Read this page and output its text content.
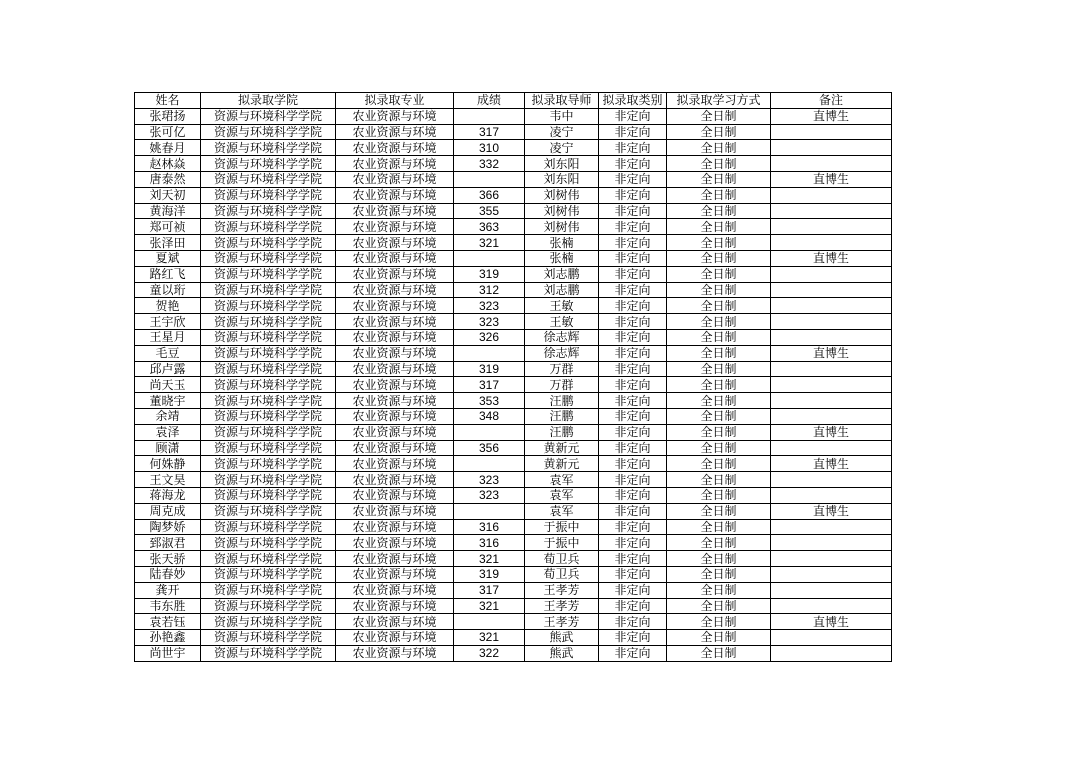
姓名	拟录取学院	拟录取专业	成绩	拟录取导师	拟录取类别	拟录取学习方式	备注
张珺扬	资源与环境科学学院	农业资源与环境		韦中	非定向	全日制	直博生
张可亿	资源与环境科学学院	农业资源与环境	317	凌宁	非定向	全日制	
姚春月	资源与环境科学学院	农业资源与环境	310	凌宁	非定向	全日制	
赵林焱	资源与环境科学学院	农业资源与环境	332	刘东阳	非定向	全日制	
唐泰然	资源与环境科学学院	农业资源与环境		刘东阳	非定向	全日制	直博生
刘天初	资源与环境科学学院	农业资源与环境	366	刘树伟	非定向	全日制	
黄海洋	资源与环境科学学院	农业资源与环境	355	刘树伟	非定向	全日制	
郑可祯	资源与环境科学学院	农业资源与环境	363	刘树伟	非定向	全日制	
张泽田	资源与环境科学学院	农业资源与环境	321	张楠	非定向	全日制	
夏斌	资源与环境科学学院	农业资源与环境		张楠	非定向	全日制	直博生
路红飞	资源与环境科学学院	农业资源与环境	319	刘志鹏	非定向	全日制	
童以珩	资源与环境科学学院	农业资源与环境	312	刘志鹏	非定向	全日制	
贺艳	资源与环境科学学院	农业资源与环境	323	王敏	非定向	全日制	
王宇欣	资源与环境科学学院	农业资源与环境	323	王敏	非定向	全日制	
王星月	资源与环境科学学院	农业资源与环境	326	徐志辉	非定向	全日制	
毛豆	资源与环境科学学院	农业资源与环境		徐志辉	非定向	全日制	直博生
邱卢露	资源与环境科学学院	农业资源与环境	319	万群	非定向	全日制	
尚天玉	资源与环境科学学院	农业资源与环境	317	万群	非定向	全日制	
董晓宇	资源与环境科学学院	农业资源与环境	353	汪鹏	非定向	全日制	
余靖	资源与环境科学学院	农业资源与环境	348	汪鹏	非定向	全日制	
袁泽	资源与环境科学学院	农业资源与环境		汪鹏	非定向	全日制	直博生
顾潇	资源与环境科学学院	农业资源与环境	356	黄新元	非定向	全日制	
何姝静	资源与环境科学学院	农业资源与环境		黄新元	非定向	全日制	直博生
王文昊	资源与环境科学学院	农业资源与环境	323	袁军	非定向	全日制	
蒋海龙	资源与环境科学学院	农业资源与环境	323	袁军	非定向	全日制	
周克成	资源与环境科学学院	农业资源与环境		袁军	非定向	全日制	直博生
陶梦娇	资源与环境科学学院	农业资源与环境	316	于振中	非定向	全日制	
郅淑君	资源与环境科学学院	农业资源与环境	316	于振中	非定向	全日制	
张天骄	资源与环境科学学院	农业资源与环境	321	荀卫兵	非定向	全日制	
陆春妙	资源与环境科学学院	农业资源与环境	319	荀卫兵	非定向	全日制	
龚开	资源与环境科学学院	农业资源与环境	317	王孝芳	非定向	全日制	
韦东胜	资源与环境科学学院	农业资源与环境	321	王孝芳	非定向	全日制	
袁若钰	资源与环境科学学院	农业资源与环境		王孝芳	非定向	全日制	直博生
孙艳鑫	资源与环境科学学院	农业资源与环境	321	熊武	非定向	全日制	
尚世宇	资源与环境科学学院	农业资源与环境	322	熊武	非定向	全日制	
